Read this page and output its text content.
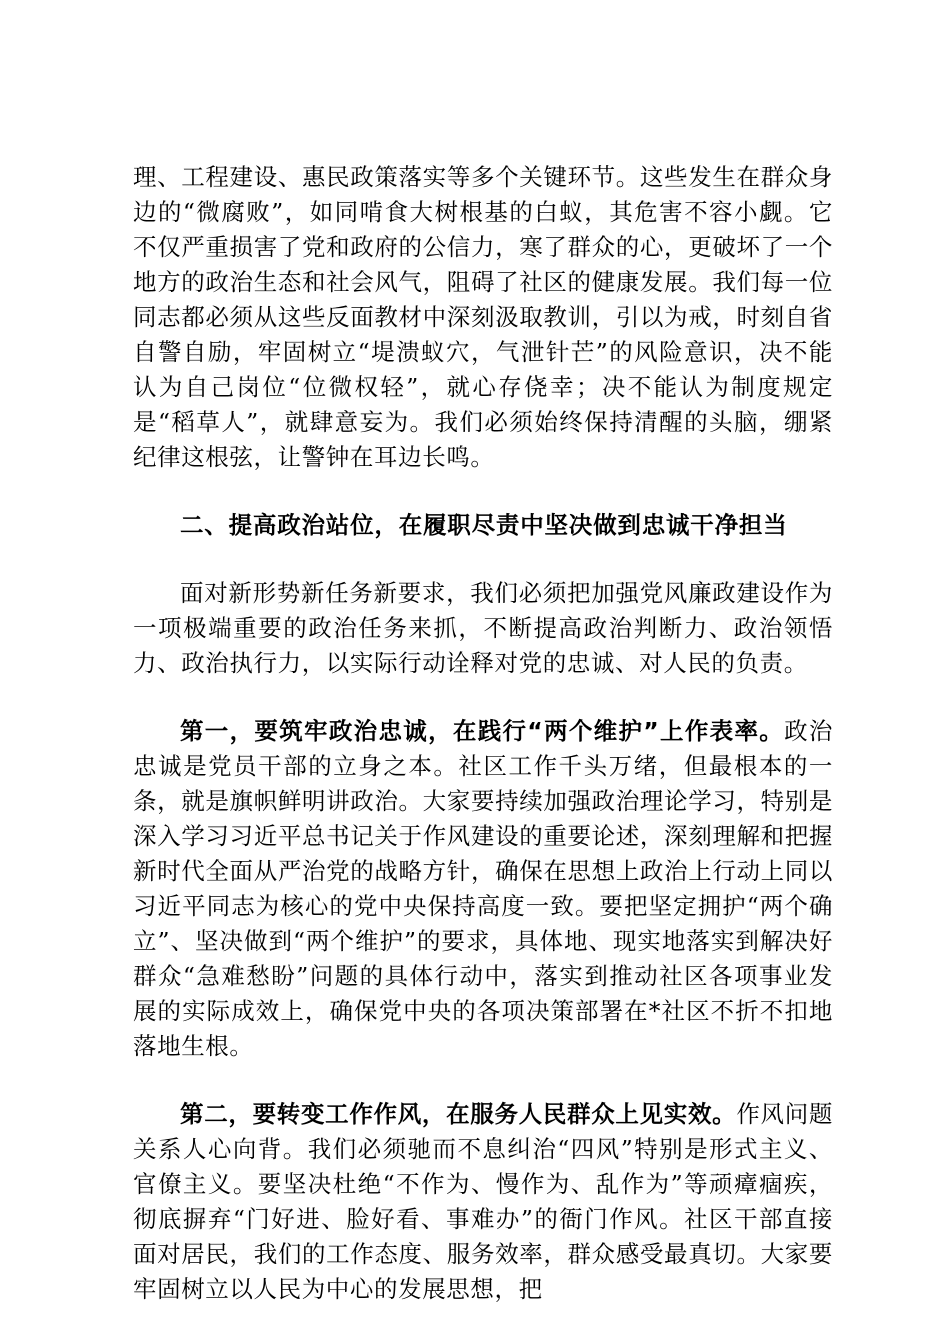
理、工程建设、惠民政策落实等多个关键环节。这些发生在群众身边的“微腐败”，如同啃食大树根基的白蚁，其危害不容小觑。它不仅严重损害了党和政府的公信力，寒了群众的心，更破坏了一个地方的政治生态和社会风气，阻碍了社区的健康发展。我们每一位同志都必须从这些反面教材中深刻汲取教训，引以为戒，时刻自省自警自励，牢固树立“堤溃蚁穴，气泄针芒”的风险意识，决不能认为自己岗位“位微权轻”，就心存侥幸；决不能认为制度规定是“稻草人”，就肆意妄为。我们必须始终保持清醒的头脑，绷紧纪律这根弦，让警钟在耳边长鸣。

二、提高政治站位，在履职尽责中坚决做到忠诚干净担当

面对新形势新任务新要求，我们必须把加强党风廉政建设作为一项极端重要的政治任务来抓，不断提高政治判断力、政治领悟力、政治执行力，以实际行动诠释对党的忠诚、对人民的负责。

第一，要筑牢政治忠诚，在践行“两个维护”上作表率。政治忠诚是党员干部的立身之本。社区工作千头万绪，但最根本的一条，就是旗帜鲜明讲政治。大家要持续加强政治理论学习，特别是深入学习习近平总书记关于作风建设的重要论述，深刻理解和把握新时代全面从严治党的战略方针，确保在思想上政治上行动上同以习近平同志为核心的党中央保持高度一致。要把坚定拥护“两个确立”、坚决做到“两个维护”的要求，具体地、现实地落实到解决好群众“急难愁盼”问题的具体行动中，落实到推动社区各项事业发展的实际成效上，确保党中央的各项决策部署在*社区不折不扣地落地生根。

第二，要转变工作作风，在服务人民群众上见实效。作风问题关系人心向背。我们必须驰而不息纠治“四风”特别是形式主义、官僚主义。要坚决杜绝“不作为、慢作为、乱作为”等顽瘴痼疾，彻底摒弃“门好进、脸好看、事难办”的衙门作风。社区干部直接面对居民，我们的工作态度、服务效率，群众感受最真切。大家要牢固树立以人民为中心的发展思想，把
